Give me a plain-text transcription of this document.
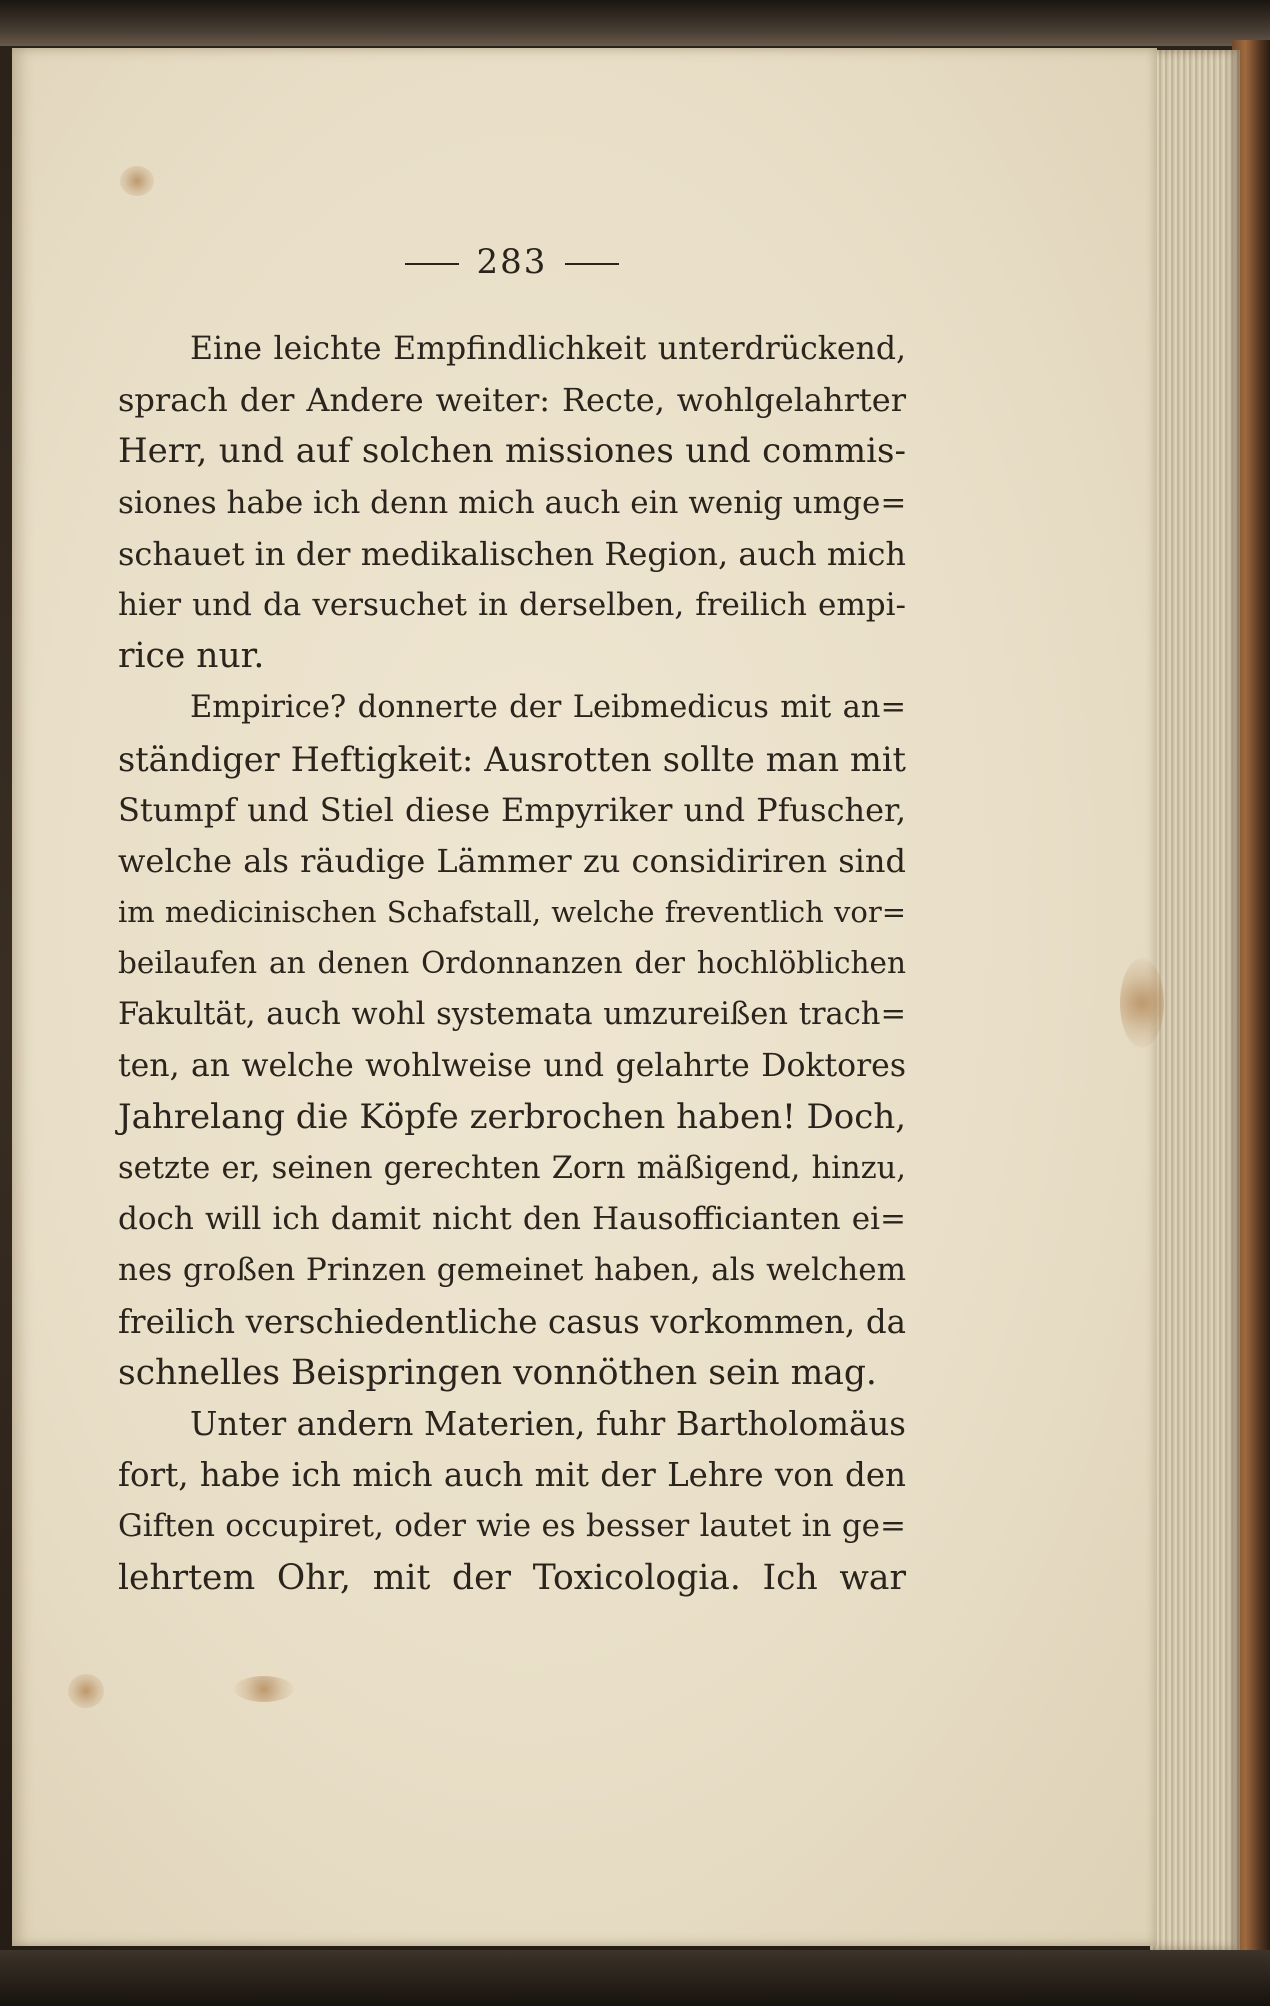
283
Eine leichte Empfindlichkeit unterdrückend,
sprach der Andere weiter: Recte, wohlgelahrter
Herr, und auf solchen missiones und commis-
siones habe ich denn mich auch ein wenig umge=
schauet in der medikalischen Region, auch mich
hier und da versuchet in derselben, freilich empi-
rice nur.
Empirice? donnerte der Leibmedicus mit an=
ständiger Heftigkeit: Ausrotten sollte man mit
Stumpf und Stiel diese Empyriker und Pfuscher,
welche als räudige Lämmer zu considiriren sind
im medicinischen Schafstall, welche freventlich vor=
beilaufen an denen Ordonnanzen der hochlöblichen
Fakultät, auch wohl systemata umzureißen trach=
ten, an welche wohlweise und gelahrte Doktores
Jahrelang die Köpfe zerbrochen haben! Doch,
setzte er, seinen gerechten Zorn mäßigend, hinzu,
doch will ich damit nicht den Hausofficianten ei=
nes großen Prinzen gemeinet haben, als welchem
freilich verschiedentliche casus vorkommen, da
schnelles Beispringen vonnöthen sein mag.
Unter andern Materien, fuhr Bartholomäus
fort, habe ich mich auch mit der Lehre von den
Giften occupiret, oder wie es besser lautet in ge=
lehrtem Ohr, mit der Toxicologia. Ich war
